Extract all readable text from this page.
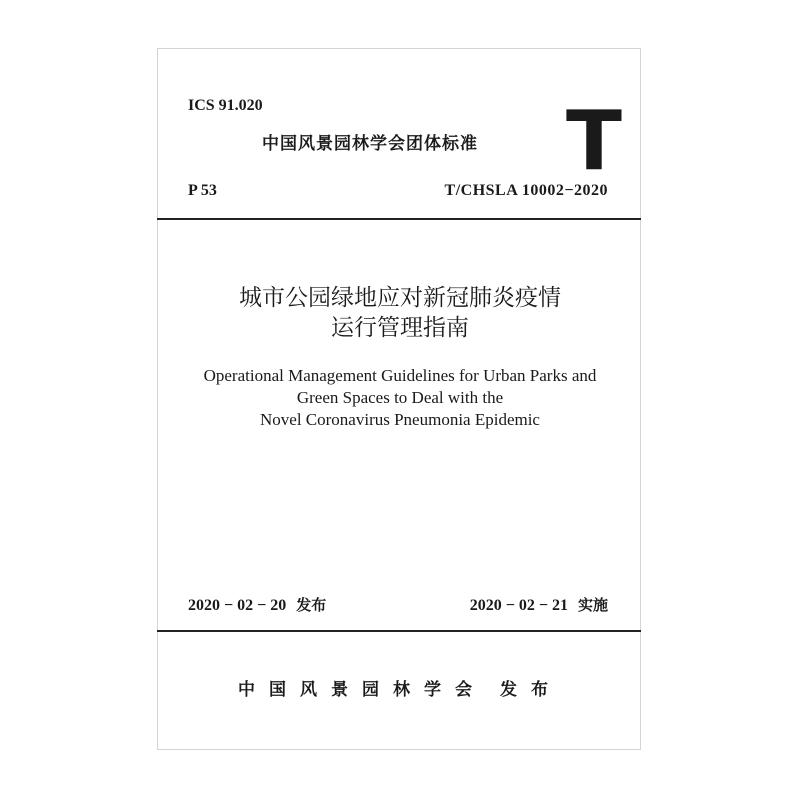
ICS 91.020
中国风景园林学会团体标准 T
P 53	T/CHSLA 10002−2020
城市公园绿地应对新冠肺炎疫情
运行管理指南
Operational Management Guidelines for Urban Parks and
Green Spaces to Deal with the
Novel Coronavirus Pneumonia Epidemic
2020 − 02 − 20 发布	2020 − 02 − 21 实施
中国风景园林学会 发布
